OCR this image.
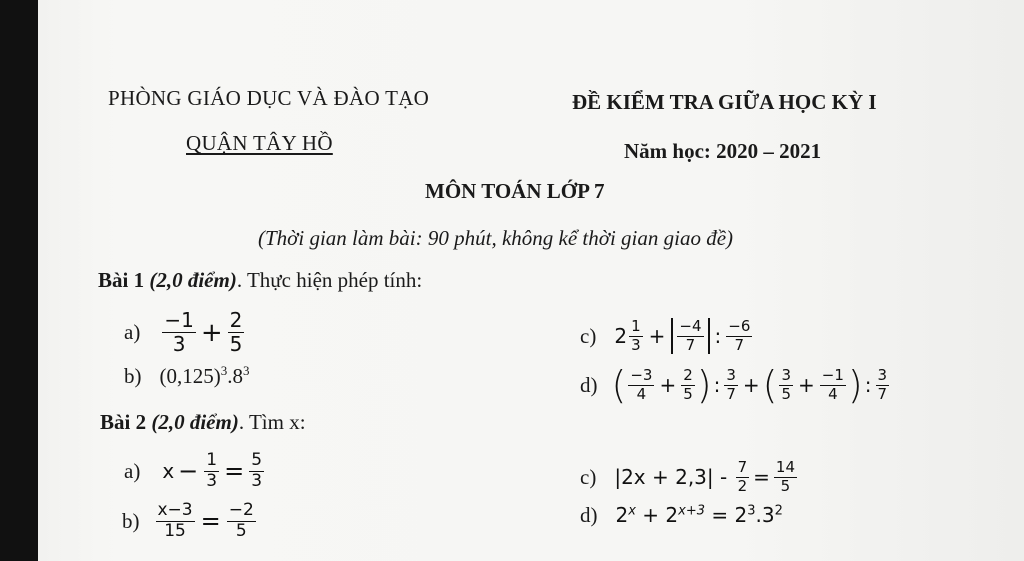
PHÒNG GIÁO DỤC VÀ ĐÀO TẠO
QUẬN TÂY HỒ
ĐỀ KIỂM TRA GIỮA HỌC KỲ I
Năm học: 2020 – 2021
MÔN TOÁN LỚP 7
(Thời gian làm bài: 90 phút, không kể thời gian giao đề)
Bài 1 (2,0 điểm). Thực hiện phép tính:
$a) \frac{-1}{3} + \frac{2}{5}$
b) $(0,125)^3.8^3$
c) $2 \frac{1}{3} + \frac{-4}{7}$ : $\frac{-6}{7}$
d) ( $\frac{-3}{4} + \frac{2}{5}$ ) : $\frac{3}{7}$ + ( $\frac{3}{5} + \frac{-1}{4}$ ) : $\frac{3}{7}$
Bài 2 (2,0 điểm). Tìm x:
a) $x - \frac{1}{3} = \frac{5}{3}$
$b) \frac{x-3}{15} = \frac{-2}{5}$
c) $|2x + 2,3| - \frac{7}{2} = \frac{14}{5}$
d) $2^x + 2^{x+3} = 2^3.3^2$
